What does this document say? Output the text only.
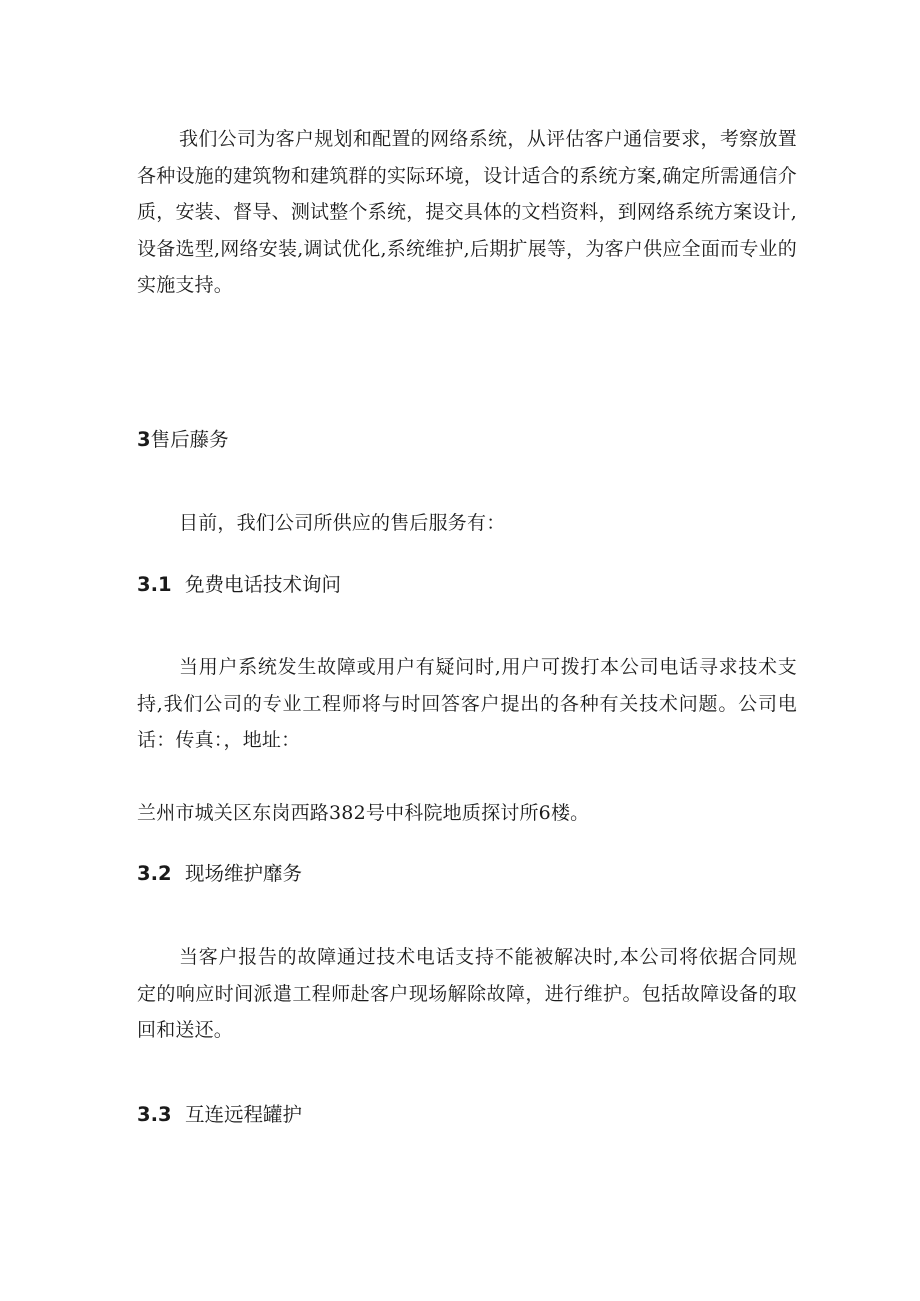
我们公司为客户规划和配置的网络系统，从评估客户通信要求，考察放置各种设施的建筑物和建筑群的实际环境，设计适合的系统方案,确定所需通信介质，安装、督导、测试整个系统，提交具体的文档资料，到网络系统方案设计,设备选型,网络安装,调试优化,系统维护,后期扩展等，为客户供应全面而专业的实施支持。

3售后藤务

目前，我们公司所供应的售后服务有：

3.1 免费电话技术询问

当用户系统发生故障或用户有疑问时,用户可拨打本公司电话寻求技术支持,我们公司的专业工程师将与时回答客户提出的各种有关技术问题。公司电话：传真：，地址：

兰州市城关区东岗西路382号中科院地质探讨所6楼。

3.2 现场维护靡务

当客户报告的故障通过技术电话支持不能被解决时,本公司将依据合同规定的响应时间派遣工程师赴客户现场解除故障，进行维护。包括故障设备的取回和送还。

3.3 互连远程罐护
